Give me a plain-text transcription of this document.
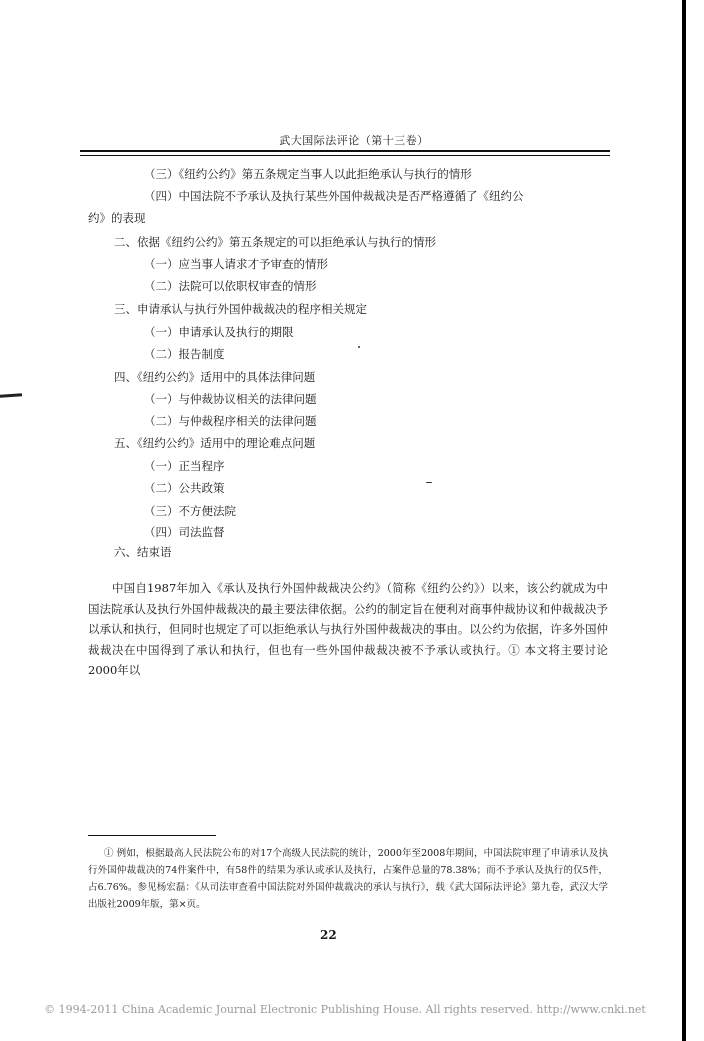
武大国际法评论（第十三卷）
（三）《纽约公约》第五条规定当事人以此拒绝承认与执行的情形
（四）中国法院不予承认及执行某些外国仲裁裁决是否严格遵循了《纽约公
约》的表现
二、依据《纽约公约》第五条规定的可以拒绝承认与执行的情形
（一）应当事人请求才予审查的情形
（二）法院可以依职权审查的情形
三、申请承认与执行外国仲裁裁决的程序相关规定
（一）申请承认及执行的期限
（二）报告制度
四、《纽约公约》适用中的具体法律问题
（一）与仲裁协议相关的法律问题
（二）与仲裁程序相关的法律问题
五、《纽约公约》适用中的理论难点问题
（一）正当程序
（二）公共政策
（三）不方便法院
（四）司法监督
六、结束语

中国自1987年加入《承认及执行外国仲裁裁决公约》（简称《纽约公约》）以来，该公约就成为中国法院承认及执行外国仲裁裁决的最主要法律依据。公约的制定旨在便利对商事仲裁协议和仲裁裁决予以承认和执行，但同时也规定了可以拒绝承认与执行外国仲裁裁决的事由。以公约为依据，许多外国仲裁裁决在中国得到了承认和执行，但也有一些外国仲裁裁决被不予承认或执行。① 本文将主要讨论2000年以

① 例如，根据最高人民法院公布的对17个高级人民法院的统计，2000年至2008年期间，中国法院审理了申请承认及执行外国仲裁裁决的74件案件中，有58件的结果为承认或承认及执行，占案件总量的78.38%；而不予承认及执行的仅5件，占6.76%。参见杨宏磊：《从司法审查看中国法院对外国仲裁裁决的承认与执行》，载《武大国际法评论》第九卷，武汉大学出版社2009年版，第×页。

22
© 1994-2011 China Academic Journal Electronic Publishing House. All rights reserved. http://www.cnki.net
